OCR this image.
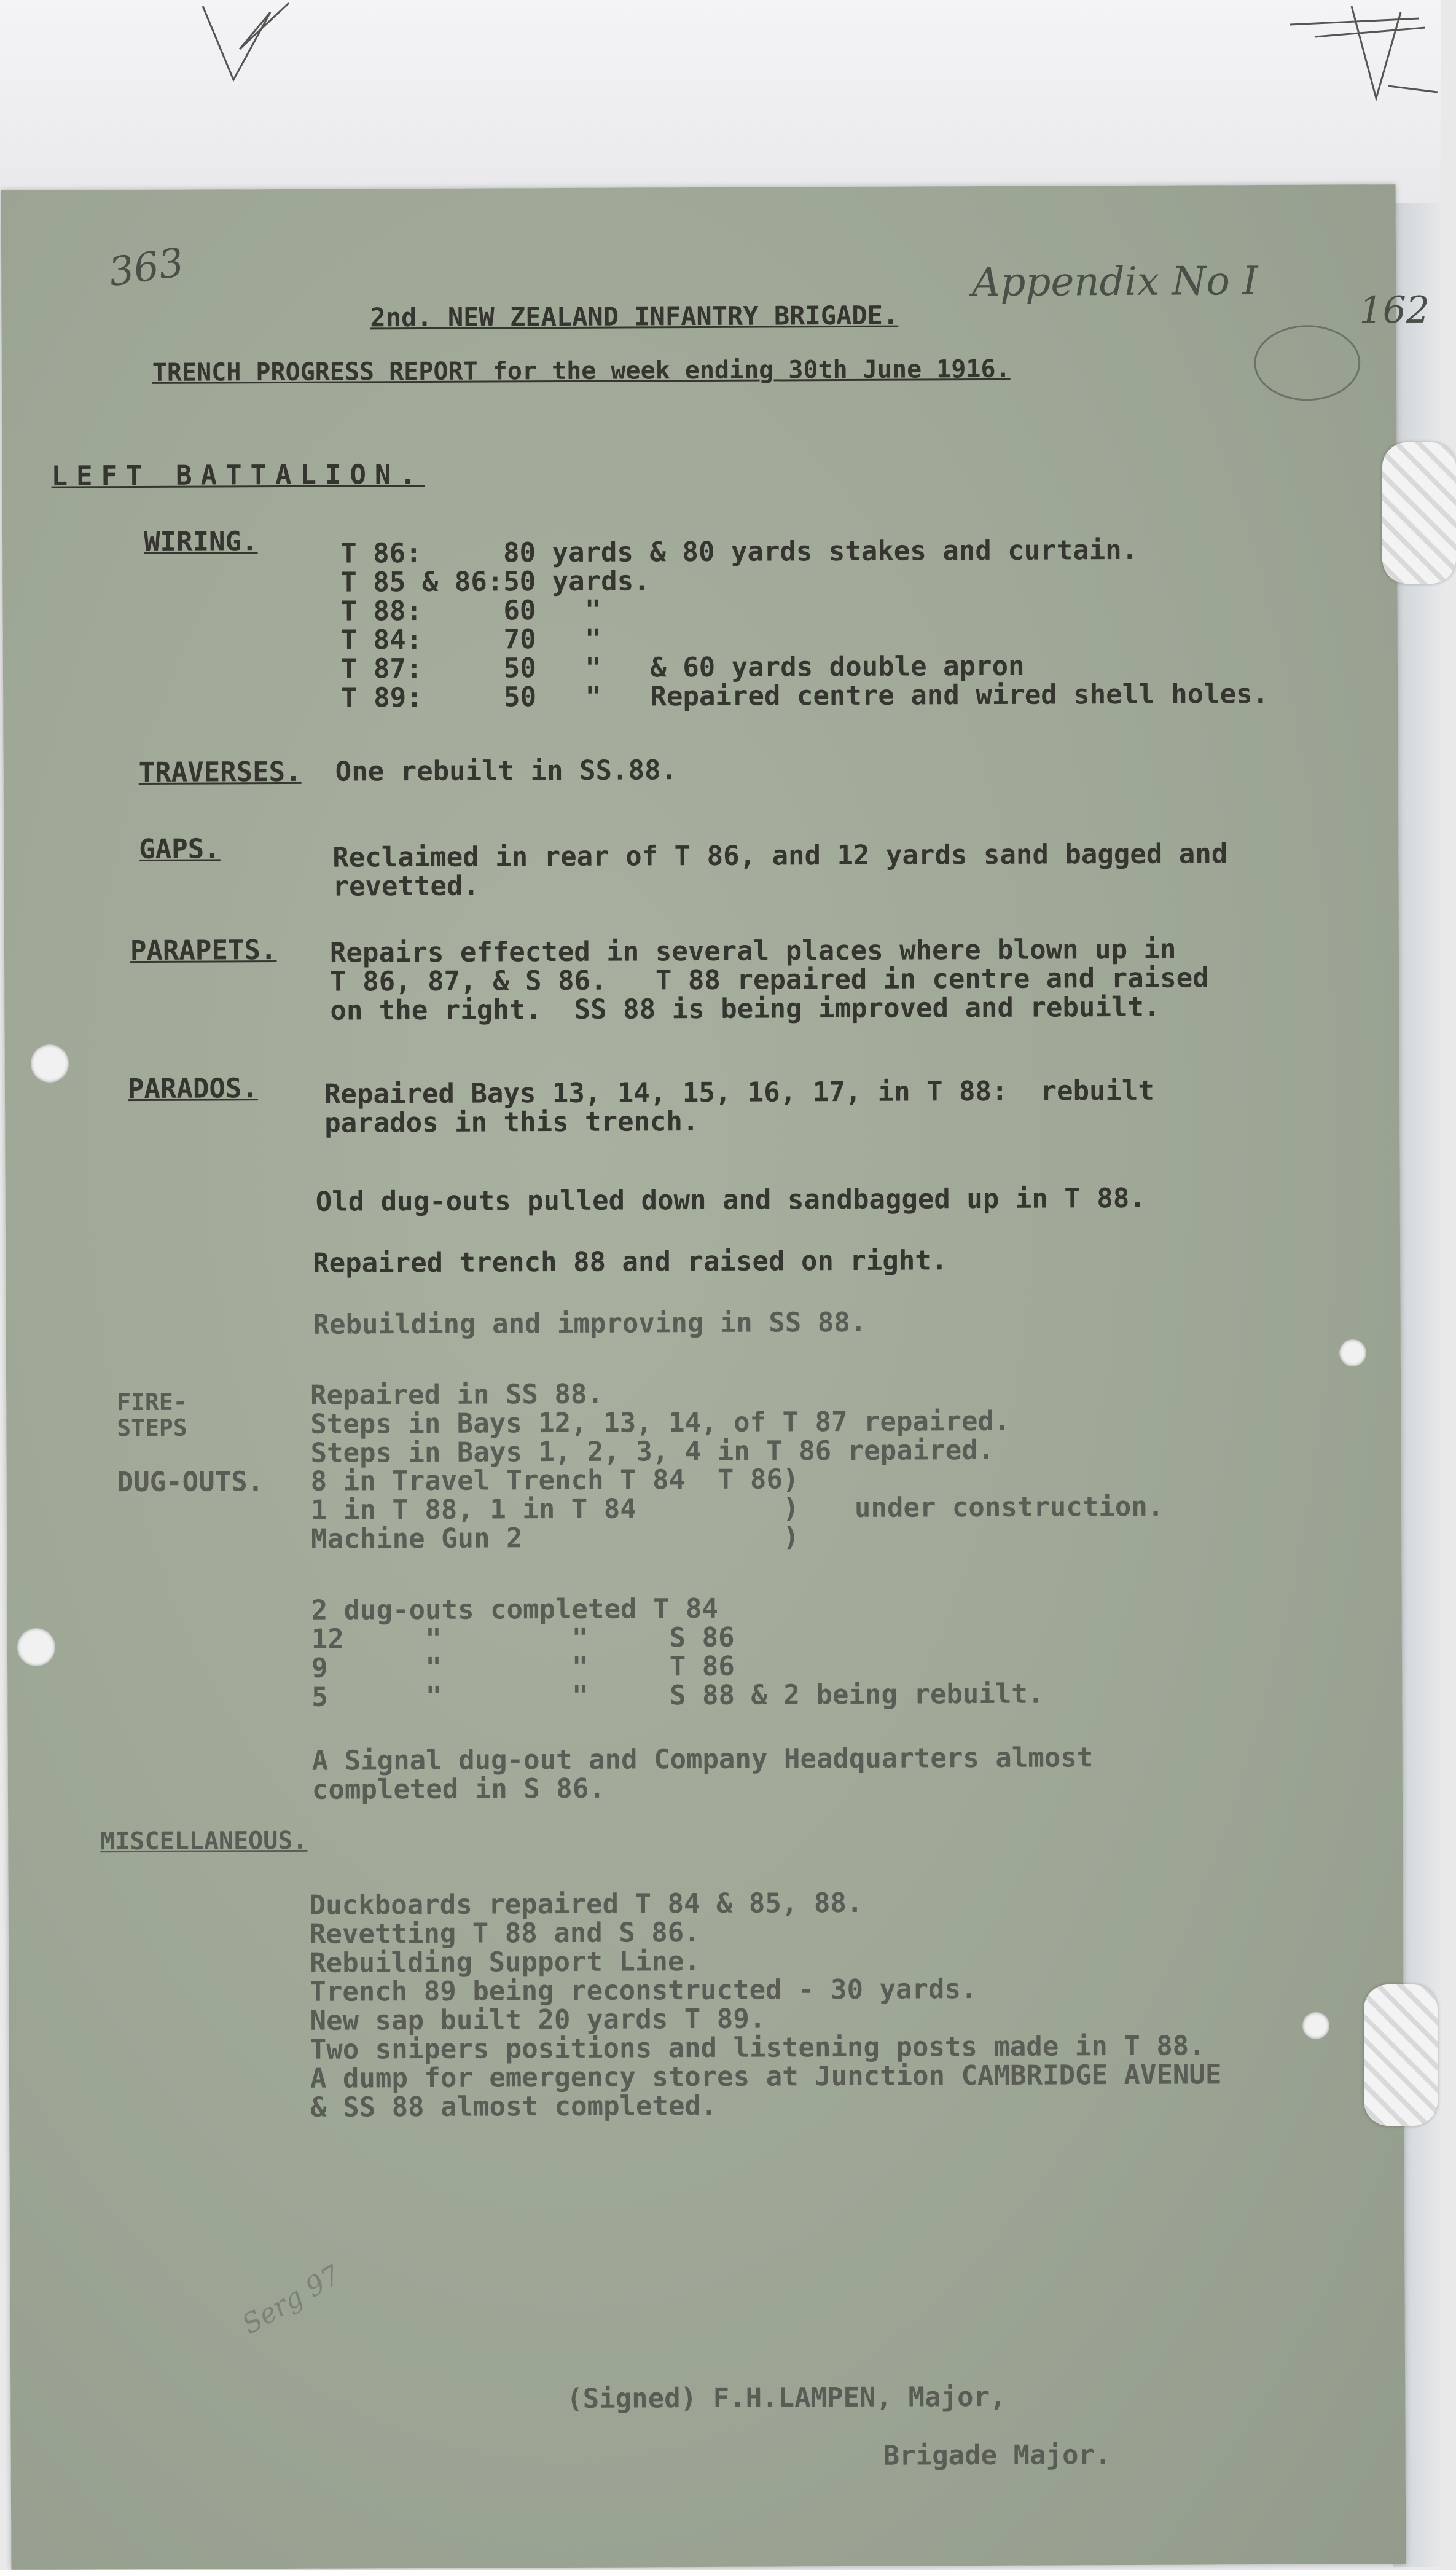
363	Appendix No I
162
2nd. NEW ZEALAND INFANTRY BRIGADE.
TRENCH PROGRESS REPORT for the week ending 30th June 1916.
LEFT BATTALION.
WIRING.	T 86:     80 yards & 80 yards stakes and curtain.
T 85 & 86:50 yards.
T 88:     60   "
T 84:     70   "
T 87:     50   "   & 60 yards double apron
T 89:     50   "   Repaired centre and wired shell holes.
TRAVERSES. One rebuilt in SS.88.
GAPS.	Reclaimed in rear of T 86, and 12 yards sand bagged and
revetted.
PARAPETS. Repairs effected in several places where blown up in
T 86, 87, & S 86.   T 88 repaired in centre and raised
on the right.  SS 88 is being improved and rebuilt.
PARADOS. Repaired Bays 13, 14, 15, 16, 17, in T 88:  rebuilt
parados in this trench.
Old dug-outs pulled down and sandbagged up in T 88.
Repaired trench 88 and raised on right.
Rebuilding and improving in SS 88.
FIRE-
STEPS
Repaired in SS 88.
Steps in Bays 12, 13, 14, of T 87 repaired.
Steps in Bays 1, 2, 3, 4 in T 86 repaired.
DUG-OUTS. 8 in Travel Trench T 84  T 86)
1 in T 88, 1 in T 84         )
Machine Gun 2                )
under construction.
2 dug-outs completed T 84
12     "        "     S 86
9      "        "     T 86
5      "        "     S 88 & 2 being rebuilt.
A Signal dug-out and Company Headquarters almost
completed in S 86.
MISCELLANEOUS.
Duckboards repaired T 84 & 85, 88.
Revetting T 88 and S 86.
Rebuilding Support Line.
Trench 89 being reconstructed - 30 yards.
New sap built 20 yards T 89.
Two snipers positions and listening posts made in T 88.
A dump for emergency stores at Junction CAMBRIDGE AVENUE
& SS 88 almost completed.
Serg 97
(Signed) F.H.LAMPEN, Major,
Brigade Major.
